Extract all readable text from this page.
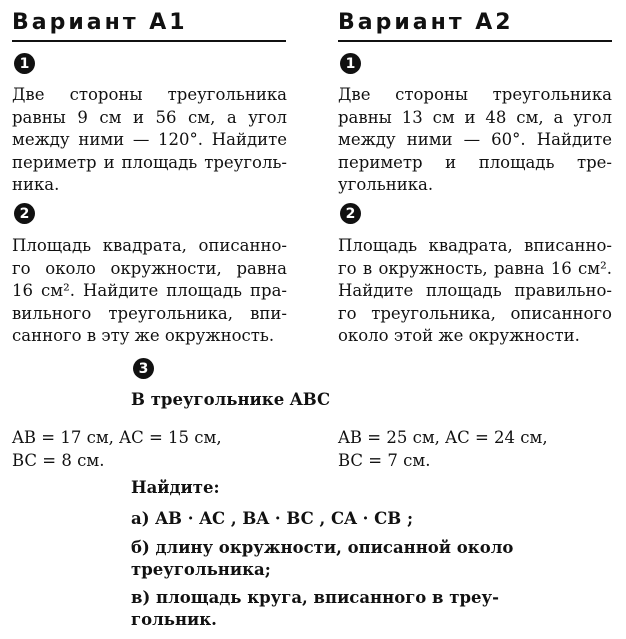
Вариант А1
1
Две стороны треугольника
равны 9 см и 56 см, а угол
между ними — 120°. Найдите
периметр и площадь треуголь-
ника.
2
Площадь квадрата, описанно-
го около окружности, равна
16 см². Найдите площадь пра-
вильного треугольника, впи-
санного в эту же окружность.
Вариант А2
1
Две стороны треугольника
равны 13 см и 48 см, а угол
между ними — 60°. Найдите
периметр и площадь тре-
угольника.
2
Площадь квадрата, вписанно-
го в окружность, равна 16 см².
Найдите площадь правильно-
го треугольника, описанного
около этой же окружности.
3
В треугольнике ABC
AB = 17 см, AC = 15 см,
BC = 8 см.
AB = 25 см, AC = 24 см,
BC = 7 см.
Найдите:
а) AB · AC , BA · BC , CA · CB ;
б) длину окружности, описанной около
треугольника;
в) площадь круга, вписанного в треу-
гольник.
